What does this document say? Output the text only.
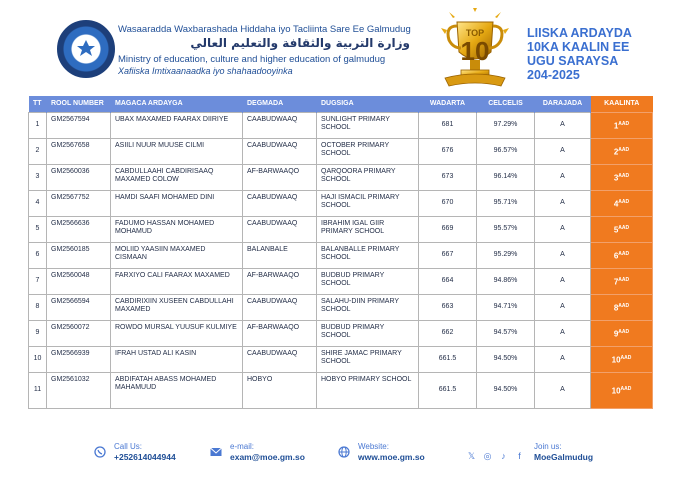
Wasaaradda Waxbarashada Hiddaha iyo Tacliinta Sare Ee Galmudug
وزارة التربية والثقافة والتعليم العالي
Ministry of education, culture and higher education of galmudug
Xafiiska Imtixaanaadka iyo shahaadooyinka
TOP
10
LIISKA ARDAYDA
10KA KAALIN EE
UGU SARAYSA
204-2025
TT	ROOL NUMBER	MAGACA ARDAYGA	DEGMADA	DUGSIGA	WADARTA	CELCELIS	DARAJADA	KAALINTA
1	GM2567594	UBAX MAXAMED FAARAX DIIRIYE	CAABUDWAAQ	SUNLIGHT PRIMARY SCHOOL	681	97.29%	A	$1^{AAD}$
2	GM2567658	ASIILI NUUR MUUSE CILMI	CAABUDWAAQ	OCTOBER PRIMARY SCHOOL	676	96.57%	A	$2^{AAD}$
3	GM2560036	CABDULLAAHI CABDIRISAAQ MAXAMED COLOW	AF-BARWAAQO	QARQOORA PRIMARY SCHOOL	673	96.14%	A	$3^{AAD}$
4	GM2567752	HAMDI SAAFI MOHAMED DINI	CAABUDWAAQ	HAJI ISMACIL PRIMARY SCHOOL	670	95.71%	A	$4^{AAD}$
5	GM2566636	FADUMO HASSAN MOHAMED MOHAMUD	CAABUDWAAQ	IBRAHIM IGAL GIIR PRIMARY SCHOOL	669	95.57%	A	$5^{AAD}$
6	GM2560185	MOLIID YAASIIN MAXAMED CISMAAN	BALANBALE	BALANBALLE PRIMARY SCHOOL	667	95.29%	A	$6^{AAD}$
7	GM2560048	FARXIYO CALI FAARAX MAXAMED	AF-BARWAAQO	BUDBUD PRIMARY SCHOOL	664	94.86%	A	$7^{AAD}$
8	GM2566594	CABDIRIXIIN XUSEEN CABDULLAHI MAXAMED	CAABUDWAAQ	SALAHU-DIIN PRIMARY SCHOOL	663	94.71%	A	$8^{AAD}$
9	GM2560072	ROWDO MURSAL YUUSUF KULMIYE	AF-BARWAAQO	BUDBUD PRIMARY SCHOOL	662	94.57%	A	$9^{AAD}$
10	GM2566939	IFRAH USTAD ALI KASIN	CAABUDWAAQ	SHIRE JAMAC PRIMARY SCHOOL	661.5	94.50%	A	$10^{AAD}$
11	GM2561032	ABDIFATAH ABASS MOHAMED MAHAMUUD	HOBYO	HOBYO PRIMARY SCHOOL	661.5	94.50%	A	$10^{AAD}$
Call Us:
+252614044944
e-mail:
exam@moe.gm.so
Website:
www.moe.gm.so	𝕏 ◎ ♪ f
Join us:
MoeGalmudug
